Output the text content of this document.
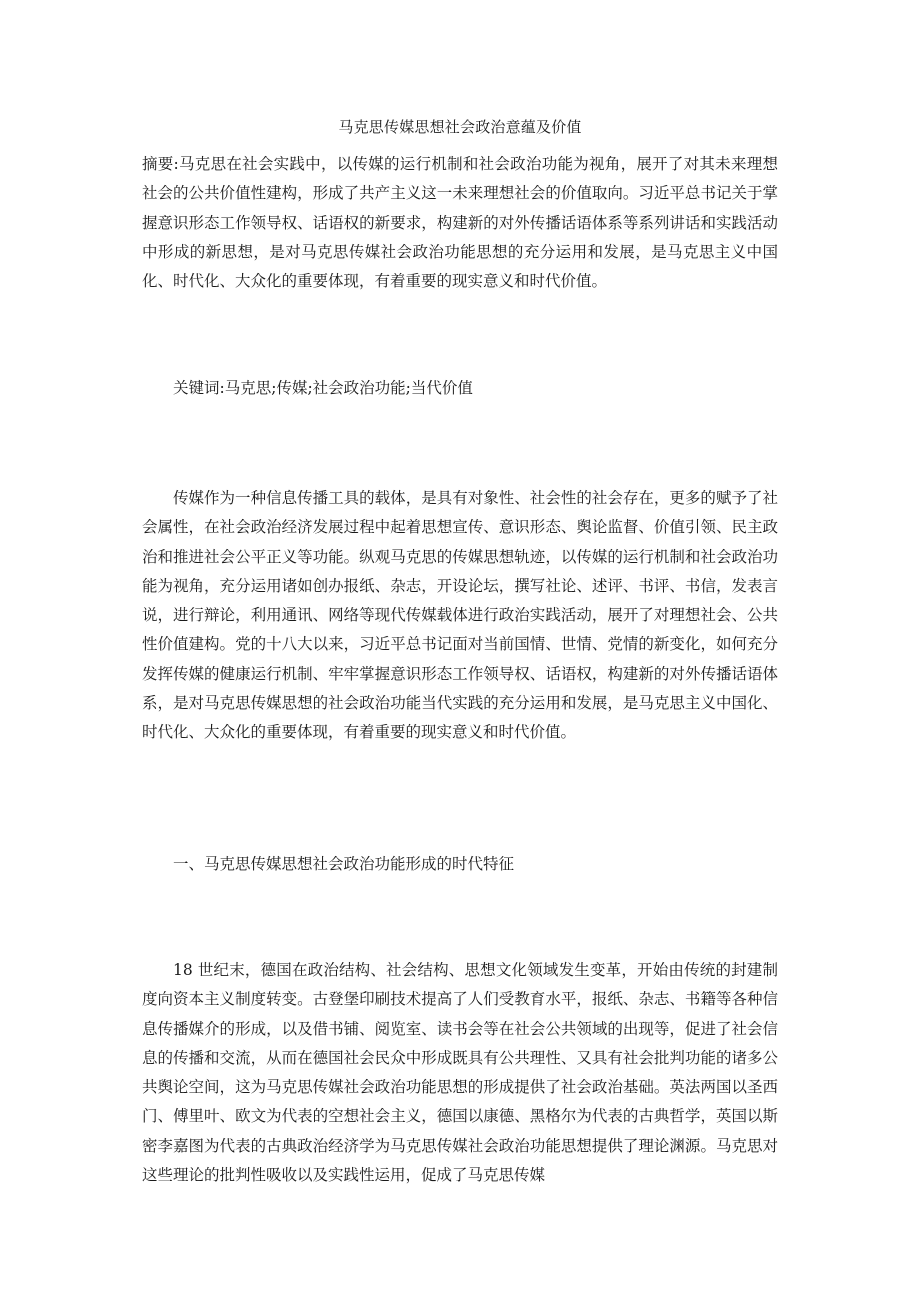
马克思传媒思想社会政治意蕴及价值

摘要:马克思在社会实践中，以传媒的运行机制和社会政治功能为视角，展开了对其未来理想社会的公共价值性建构，形成了共产主义这一未来理想社会的价值取向。习近平总书记关于掌握意识形态工作领导权、话语权的新要求，构建新的对外传播话语体系等系列讲话和实践活动中形成的新思想，是对马克思传媒社会政治功能思想的充分运用和发展，是马克思主义中国化、时代化、大众化的重要体现，有着重要的现实意义和时代价值。

关键词:马克思;传媒;社会政治功能;当代价值

传媒作为一种信息传播工具的载体，是具有对象性、社会性的社会存在，更多的赋予了社会属性，在社会政治经济发展过程中起着思想宣传、意识形态、舆论监督、价值引领、民主政治和推进社会公平正义等功能。纵观马克思的传媒思想轨迹，以传媒的运行机制和社会政治功能为视角，充分运用诸如创办报纸、杂志，开设论坛，撰写社论、述评、书评、书信，发表言说，进行辩论，利用通讯、网络等现代传媒载体进行政治实践活动，展开了对理想社会、公共性价值建构。党的十八大以来，习近平总书记面对当前国情、世情、党情的新变化，如何充分发挥传媒的健康运行机制、牢牢掌握意识形态工作领导权、话语权，构建新的对外传播话语体系，是对马克思传媒思想的社会政治功能当代实践的充分运用和发展，是马克思主义中国化、时代化、大众化的重要体现，有着重要的现实意义和时代价值。

一、马克思传媒思想社会政治功能形成的时代特征

18 世纪末，德国在政治结构、社会结构、思想文化领域发生变革，开始由传统的封建制度向资本主义制度转变。古登堡印刷技术提高了人们受教育水平，报纸、杂志、书籍等各种信息传播媒介的形成，以及借书铺、阅览室、读书会等在社会公共领域的出现等，促进了社会信息的传播和交流，从而在德国社会民众中形成既具有公共理性、又具有社会批判功能的诸多公共舆论空间，这为马克思传媒社会政治功能思想的形成提供了社会政治基础。英法两国以圣西门、傅里叶、欧文为代表的空想社会主义，德国以康德、黑格尔为代表的古典哲学，英国以斯密李嘉图为代表的古典政治经济学为马克思传媒社会政治功能思想提供了理论渊源。马克思对这些理论的批判性吸收以及实践性运用，促成了马克思传媒
